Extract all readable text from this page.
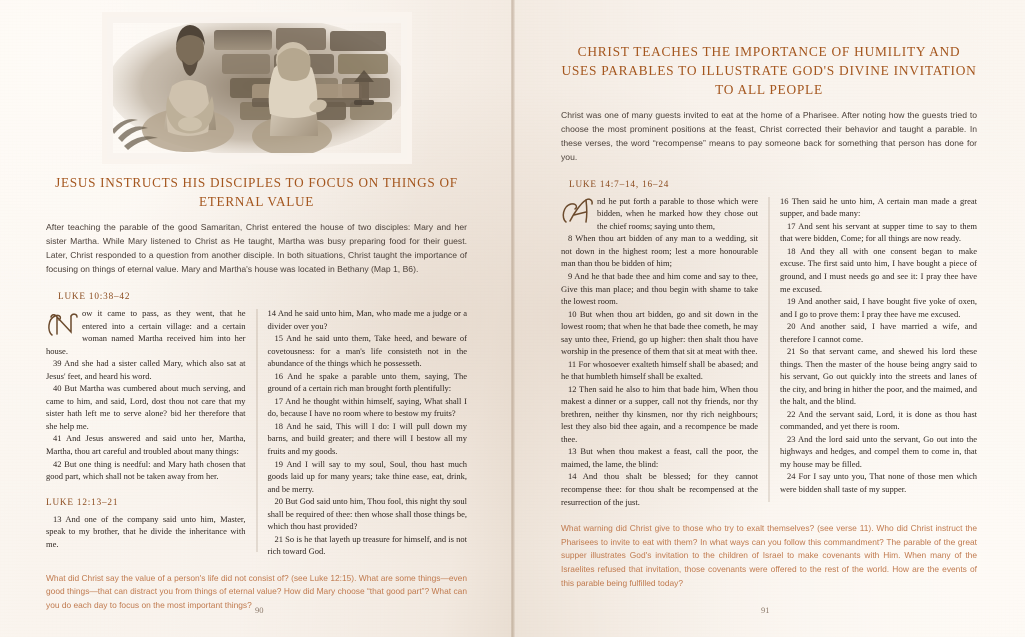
JESUS INSTRUCTS HIS DISCIPLES TO FOCUS ON THINGS OF ETERNAL VALUE

After teaching the parable of the good Samaritan, Christ entered the house of two disciples: Mary and her sister Martha. While Mary listened to Christ as He taught, Martha was busy preparing food for their guest. Later, Christ responded to a question from another disciple. In both situations, Christ taught the importance of focusing on things of eternal value. Mary and Martha's house was located in Bethany (Map 1, B6).

LUKE 10:38–42

ow it came to pass, as they went, that he entered into a certain village: and a certain woman named Martha received him into her house.

39 And she had a sister called Mary, which also sat at Jesus' feet, and heard his word.

40 But Martha was cumbered about much serving, and came to him, and said, Lord, dost thou not care that my sister hath left me to serve alone? bid her therefore that she help me.

41 And Jesus answered and said unto her, Martha, Martha, thou art careful and troubled about many things:

42 But one thing is needful: and Mary hath chosen that good part, which shall not be taken away from her.

LUKE 12:13–21

13 And one of the company said unto him, Master, speak to my brother, that he divide the inheritance with me.

14 And he said unto him, Man, who made me a judge or a divider over you?

15 And he said unto them, Take heed, and beware of covetousness: for a man's life consisteth not in the abundance of the things which he possesseth.

16 And he spake a parable unto them, saying, The ground of a certain rich man brought forth plentifully:

17 And he thought within himself, saying, What shall I do, because I have no room where to bestow my fruits?

18 And he said, This will I do: I will pull down my barns, and build greater; and there will I bestow all my fruits and my goods.

19 And I will say to my soul, Soul, thou hast much goods laid up for many years; take thine ease, eat, drink, and be merry.

20 But God said unto him, Thou fool, this night thy soul shall be required of thee: then whose shall those things be, which thou hast provided?

21 So is he that layeth up treasure for himself, and is not rich toward God.

What did Christ say the value of a person's life did not consist of? (see Luke 12:15). What are some things—even good things—that can distract you from things of eternal value? How did Mary choose “that good part”? What can you do each day to focus on the most important things? 90
CHRIST TEACHES THE IMPORTANCE OF HUMILITY AND USES PARABLES TO ILLUSTRATE GOD'S DIVINE INVITATION TO ALL PEOPLE

Christ was one of many guests invited to eat at the home of a Pharisee. After noting how the guests tried to choose the most prominent positions at the feast, Christ corrected their behavior and taught a parable. In these verses, the word “recompense” means to pay someone back for something that person has done for you.

LUKE 14:7–14, 16–24

nd he put forth a parable to those which were bidden, when he marked how they chose out the chief rooms; saying unto them,

8 When thou art bidden of any man to a wedding, sit not down in the highest room; lest a more honourable man than thou be bidden of him;

9 And he that bade thee and him come and say to thee, Give this man place; and thou begin with shame to take the lowest room.

10 But when thou art bidden, go and sit down in the lowest room; that when he that bade thee cometh, he may say unto thee, Friend, go up higher: then shalt thou have worship in the presence of them that sit at meat with thee.

11 For whosoever exalteth himself shall be abased; and he that humbleth himself shall be exalted.

12 Then said he also to him that bade him, When thou makest a dinner or a supper, call not thy friends, nor thy brethren, neither thy kinsmen, nor thy rich neighbours; lest they also bid thee again, and a recompence be made thee.

13 But when thou makest a feast, call the poor, the maimed, the lame, the blind:

14 And thou shalt be blessed; for they cannot recompense thee: for thou shalt be recompensed at the resurrection of the just.

16 Then said he unto him, A certain man made a great supper, and bade many:

17 And sent his servant at supper time to say to them that were bidden, Come; for all things are now ready.

18 And they all with one consent began to make excuse. The first said unto him, I have bought a piece of ground, and I must needs go and see it: I pray thee have me excused.

19 And another said, I have bought five yoke of oxen, and I go to prove them: I pray thee have me excused.

20 And another said, I have married a wife, and therefore I cannot come.

21 So that servant came, and shewed his lord these things. Then the master of the house being angry said to his servant, Go out quickly into the streets and lanes of the city, and bring in hither the poor, and the maimed, and the halt, and the blind.

22 And the servant said, Lord, it is done as thou hast commanded, and yet there is room.

23 And the lord said unto the servant, Go out into the highways and hedges, and compel them to come in, that my house may be filled.

24 For I say unto you, That none of those men which were bidden shall taste of my supper.

What warning did Christ give to those who try to exalt themselves? (see verse 11). Who did Christ instruct the Pharisees to invite to eat with them? In what ways can you follow this commandment? The parable of the great supper illustrates God's invitation to the children of Israel to make covenants with Him. When many of the Israelites refused that invitation, those covenants were offered to the rest of the world. How are the events of this parable being fulfilled today?

91
